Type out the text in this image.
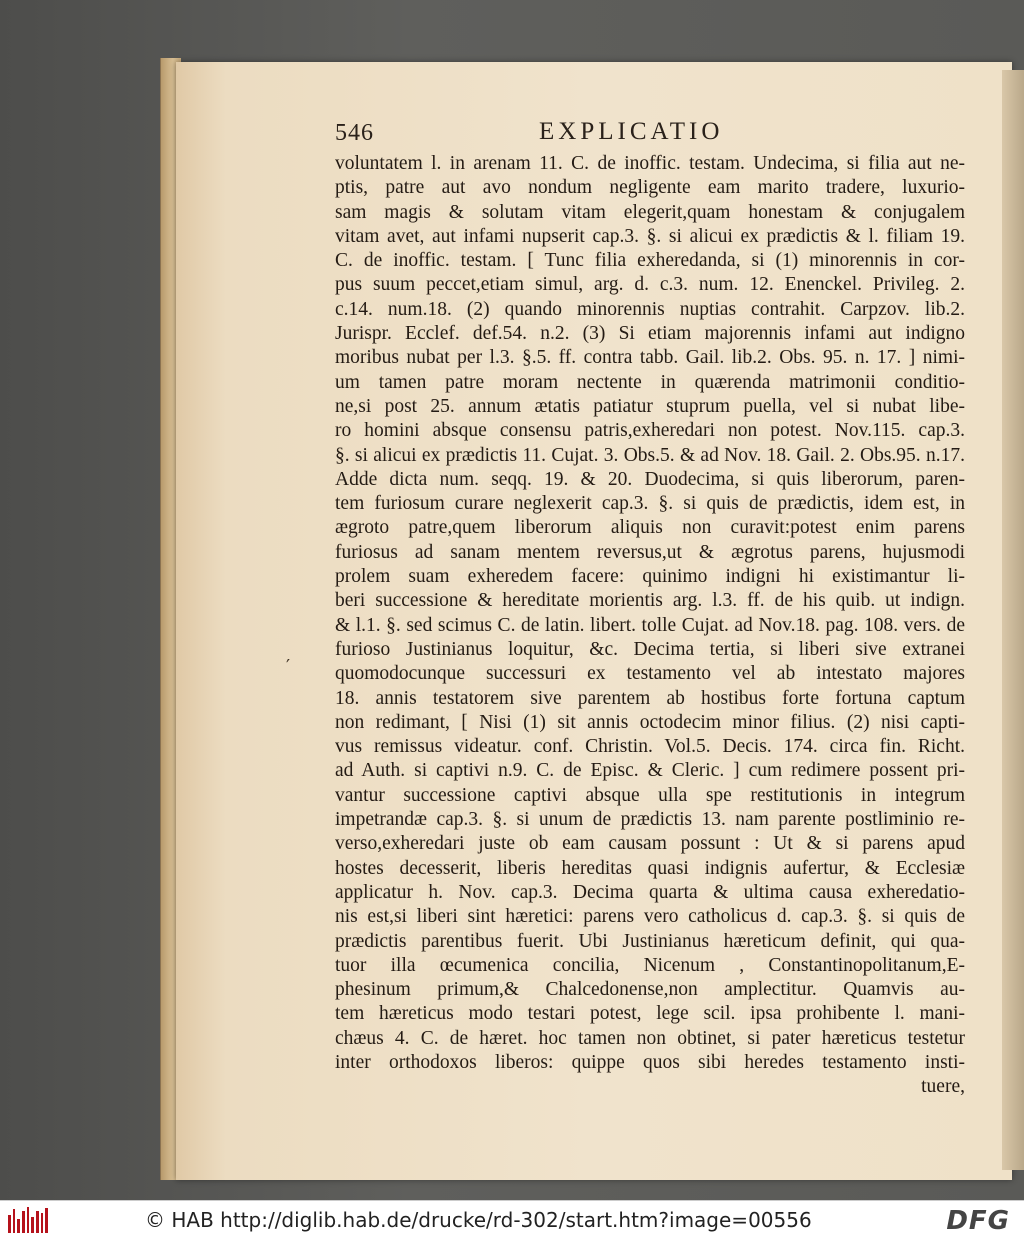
546	EXPLICATIO
′
voluntatem l. in arenam 11. C. de inoffic. testam. Undecima, si filia aut ne-
ptis, patre aut avo nondum negligente eam marito tradere, luxurio-
sam magis & solutam vitam elegerit,quam honestam & conjugalem
vitam avet, aut infami nupserit cap.3. §. si alicui ex prædictis & l. filiam 19.
C. de inoffic. testam. [ Tunc filia exheredanda, si (1) minorennis in cor-
pus suum peccet,etiam simul, arg. d. c.3. num. 12. Enenckel. Privileg. 2.
c.14. num.18. (2) quando minorennis nuptias contrahit. Carpzov. lib.2.
Jurispr. Ecclef. def.54. n.2. (3) Si etiam majorennis infami aut indigno
moribus nubat per l.3. §.5. ff. contra tabb. Gail. lib.2. Obs. 95. n. 17. ] nimi-
um tamen patre moram nectente in quærenda matrimonii conditio-
ne,si post 25. annum ætatis patiatur stuprum puella, vel si nubat libe-
ro homini absque consensu patris,exheredari non potest. Nov.115. cap.3.
§. si alicui ex prædictis 11. Cujat. 3. Obs.5. & ad Nov. 18. Gail. 2. Obs.95. n.17.
Adde dicta num. seqq. 19. & 20. Duodecima, si quis liberorum, paren-
tem furiosum curare neglexerit cap.3. §. si quis de prædictis, idem est, in
ægroto patre,quem liberorum aliquis non curavit:potest enim parens
furiosus ad sanam mentem reversus,ut & ægrotus parens, hujusmodi
prolem suam exheredem facere: quinimo indigni hi existimantur li-
beri successione & hereditate morientis arg. l.3. ff. de his quib. ut indign.
& l.1. §. sed scimus C. de latin. libert. tolle Cujat. ad Nov.18. pag. 108. vers. de
furioso Justinianus loquitur, &c. Decima tertia, si liberi sive extranei
quomodocunque successuri ex testamento vel ab intestato majores
18. annis testatorem sive parentem ab hostibus forte fortuna captum
non redimant, [ Nisi (1) sit annis octodecim minor filius. (2) nisi capti-
vus remissus videatur. conf. Christin. Vol.5. Decis. 174. circa fin. Richt.
ad Auth. si captivi n.9. C. de Episc. & Cleric. ] cum redimere possent pri-
vantur successione captivi absque ulla spe restitutionis in integrum
impetrandæ cap.3. §. si unum de prædictis 13. nam parente postliminio re-
verso,exheredari juste ob eam causam possunt : Ut & si parens apud
hostes decesserit, liberis hereditas quasi indignis aufertur, & Ecclesiæ
applicatur h. Nov. cap.3. Decima quarta & ultima causa exheredatio-
nis est,si liberi sint hæretici: parens vero catholicus d. cap.3. §. si quis de
prædictis parentibus fuerit. Ubi Justinianus hæreticum definit, qui qua-
tuor illa œcumenica concilia, Nicenum , Constantinopolitanum,E-
phesinum primum,& Chalcedonense,non amplectitur. Quamvis au-
tem hæreticus modo testari potest, lege scil. ipsa prohibente l. mani-
chæus 4. C. de hæret. hoc tamen non obtinet, si pater hæreticus testetur
inter orthodoxos liberos: quippe quos sibi heredes testamento insti-
tuere,
© HAB http://diglib.hab.de/drucke/rd-302/start.htm?image=00556	DFG
